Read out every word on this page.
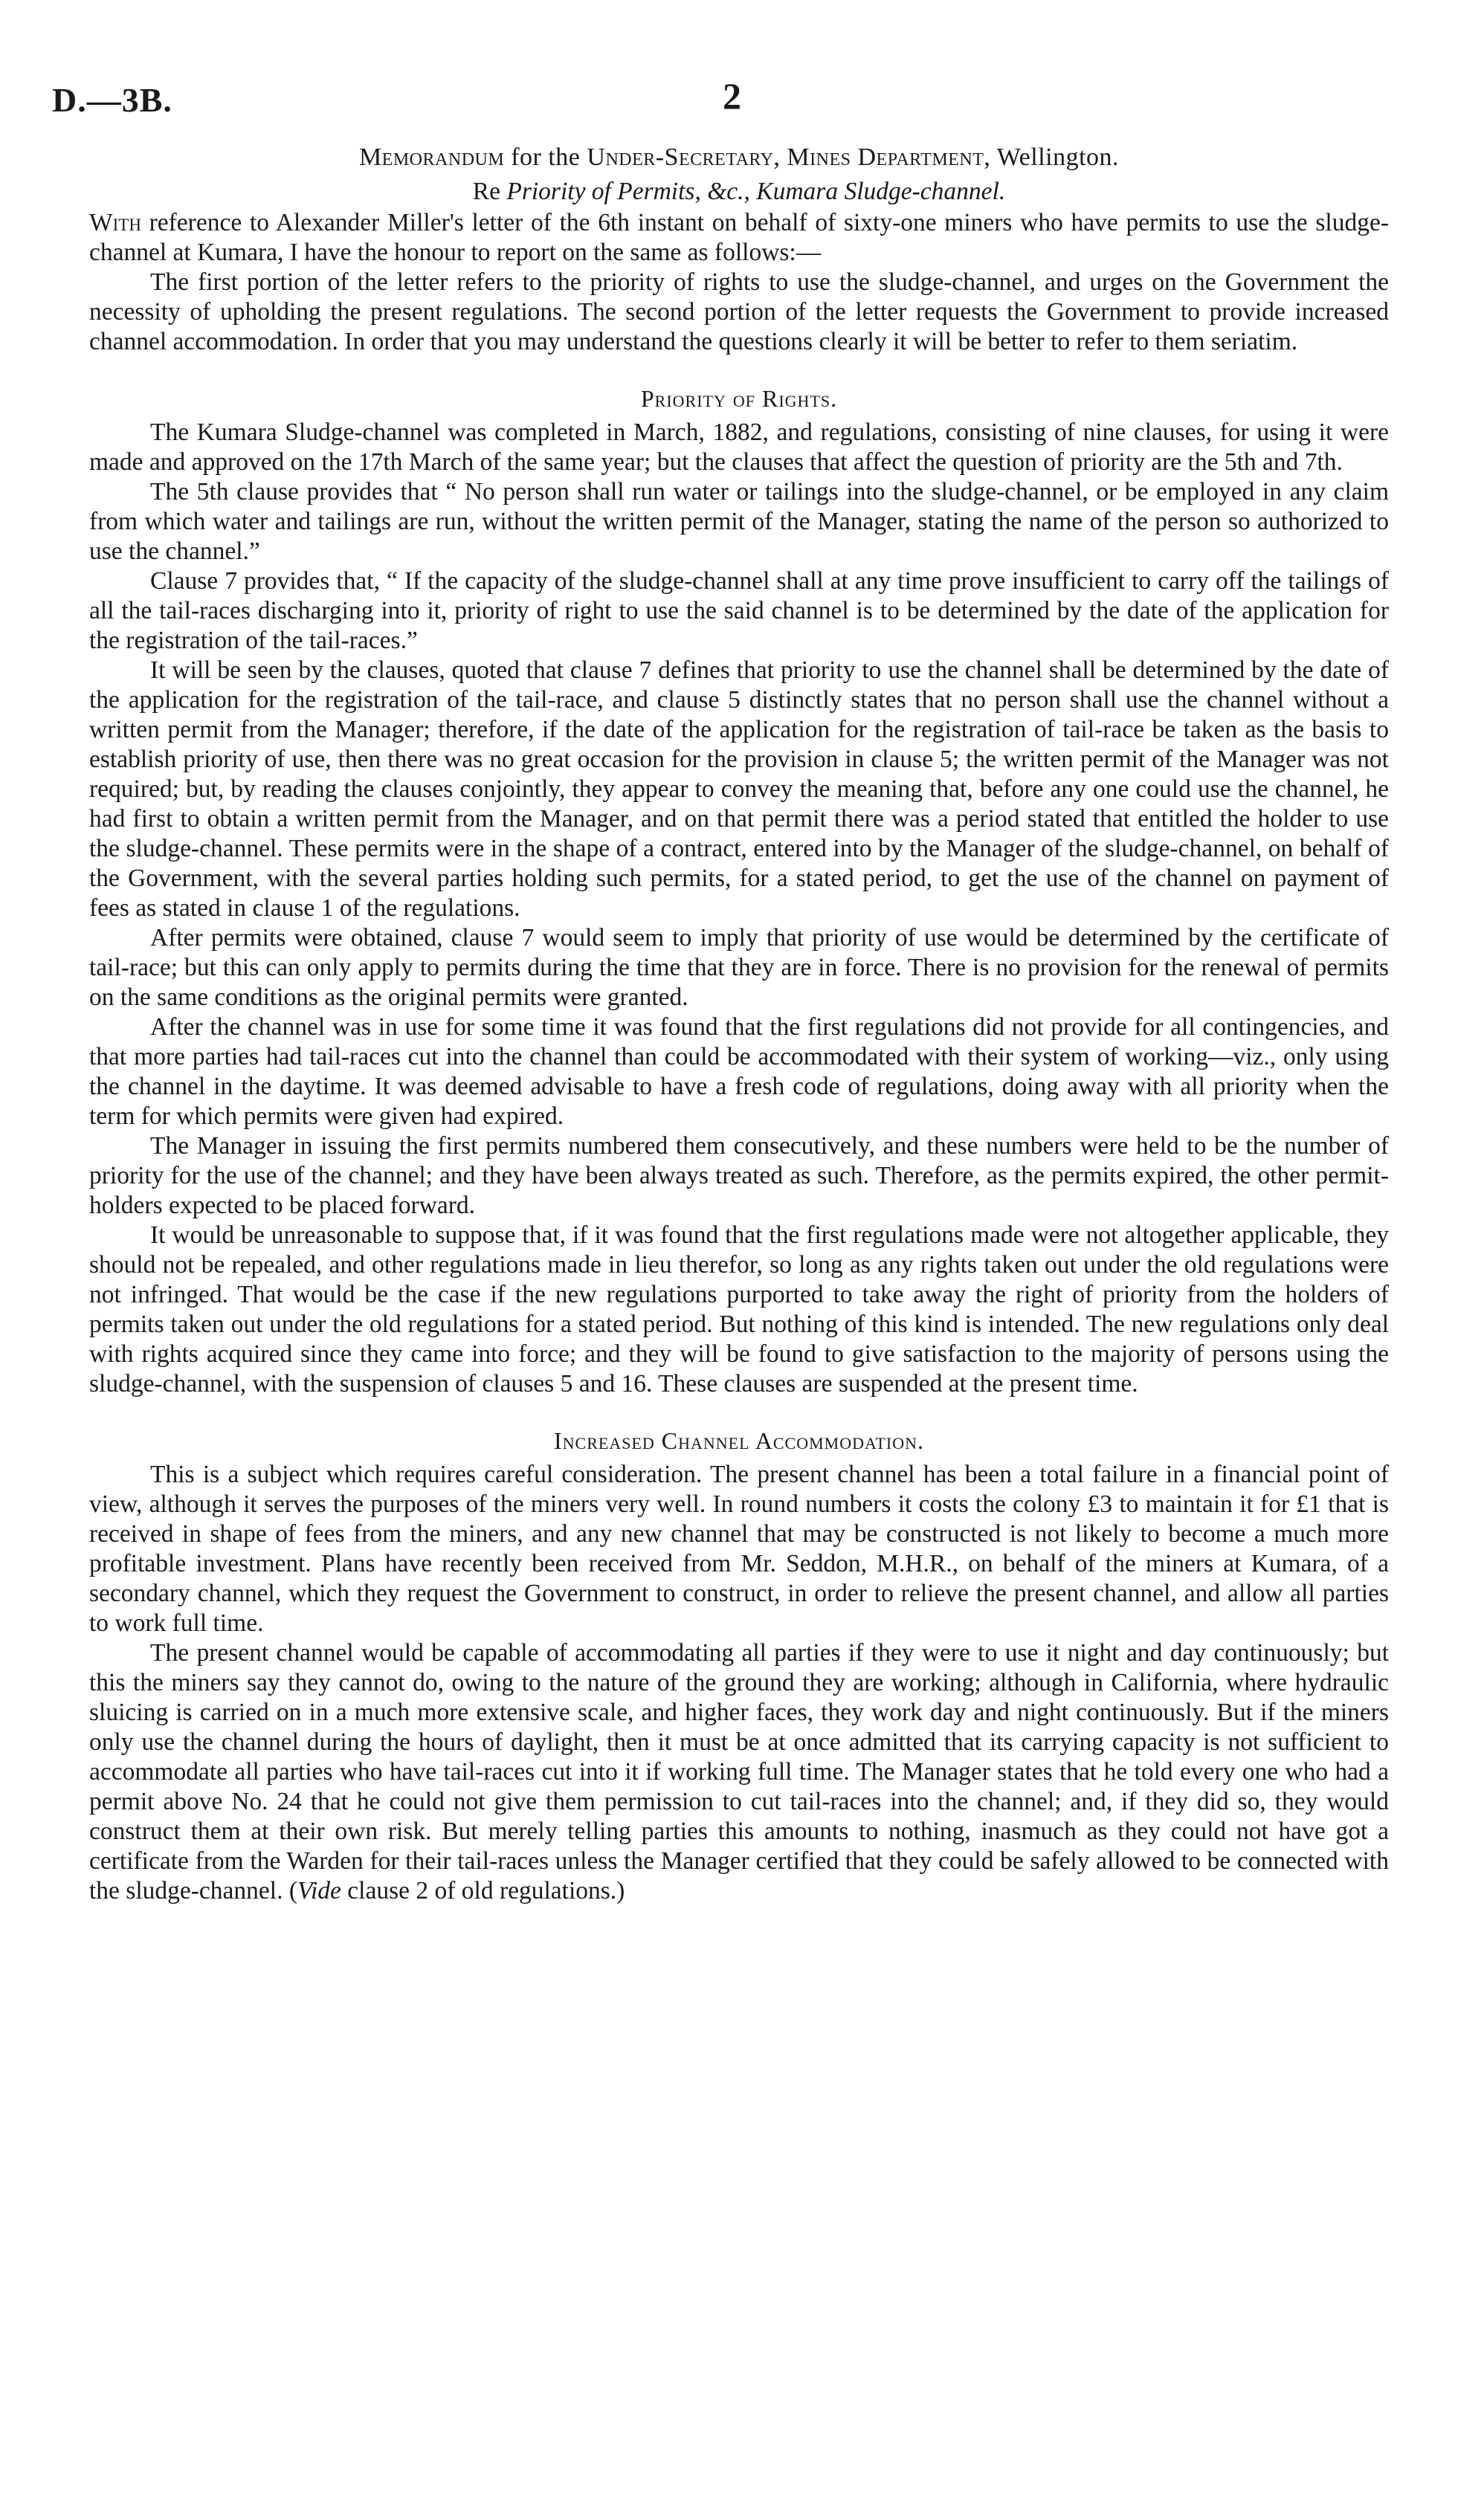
D.—3B.	2
Memorandum for the Under-Secretary, Mines Department, Wellington.
Re Priority of Permits, &c., Kumara Sludge-channel.

With reference to Alexander Miller's letter of the 6th instant on behalf of sixty-one miners who have permits to use the sludge-channel at Kumara, I have the honour to report on the same as follows:—

The first portion of the letter refers to the priority of rights to use the sludge-channel, and urges on the Government the necessity of upholding the present regulations. The second portion of the letter requests the Government to provide increased channel accommodation. In order that you may understand the questions clearly it will be better to refer to them seriatim.

Priority of Rights.

The Kumara Sludge-channel was completed in March, 1882, and regulations, consisting of nine clauses, for using it were made and approved on the 17th March of the same year; but the clauses that affect the question of priority are the 5th and 7th.

The 5th clause provides that “ No person shall run water or tailings into the sludge-channel, or be employed in any claim from which water and tailings are run, without the written permit of the Manager, stating the name of the person so authorized to use the channel.”

Clause 7 provides that, “ If the capacity of the sludge-channel shall at any time prove insufficient to carry off the tailings of all the tail-races discharging into it, priority of right to use the said channel is to be determined by the date of the application for the registration of the tail-races.”

It will be seen by the clauses, quoted that clause 7 defines that priority to use the channel shall be determined by the date of the application for the registration of the tail-race, and clause 5 distinctly states that no person shall use the channel without a written permit from the Manager; therefore, if the date of the application for the registration of tail-race be taken as the basis to establish priority of use, then there was no great occasion for the provision in clause 5; the written permit of the Manager was not required; but, by reading the clauses conjointly, they appear to convey the meaning that, before any one could use the channel, he had first to obtain a written permit from the Manager, and on that permit there was a period stated that entitled the holder to use the sludge-channel. These permits were in the shape of a contract, entered into by the Manager of the sludge-channel, on behalf of the Government, with the several parties holding such permits, for a stated period, to get the use of the channel on payment of fees as stated in clause 1 of the regulations.

After permits were obtained, clause 7 would seem to imply that priority of use would be determined by the certificate of tail-race; but this can only apply to permits during the time that they are in force. There is no provision for the renewal of permits on the same conditions as the original permits were granted.

After the channel was in use for some time it was found that the first regulations did not provide for all contingencies, and that more parties had tail-races cut into the channel than could be accommodated with their system of working—viz., only using the channel in the daytime. It was deemed advisable to have a fresh code of regulations, doing away with all priority when the term for which permits were given had expired.

The Manager in issuing the first permits numbered them consecutively, and these numbers were held to be the number of priority for the use of the channel; and they have been always treated as such. Therefore, as the permits expired, the other permit-holders expected to be placed forward.

It would be unreasonable to suppose that, if it was found that the first regulations made were not altogether applicable, they should not be repealed, and other regulations made in lieu therefor, so long as any rights taken out under the old regulations were not infringed. That would be the case if the new regulations purported to take away the right of priority from the holders of permits taken out under the old regulations for a stated period. But nothing of this kind is intended. The new regulations only deal with rights acquired since they came into force; and they will be found to give satisfaction to the majority of persons using the sludge-channel, with the suspension of clauses 5 and 16. These clauses are suspended at the present time.

Increased Channel Accommodation.

This is a subject which requires careful consideration. The present channel has been a total failure in a financial point of view, although it serves the purposes of the miners very well. In round numbers it costs the colony £3 to maintain it for £1 that is received in shape of fees from the miners, and any new channel that may be constructed is not likely to become a much more profitable investment. Plans have recently been received from Mr. Seddon, M.H.R., on behalf of the miners at Kumara, of a secondary channel, which they request the Government to construct, in order to relieve the present channel, and allow all parties to work full time.

The present channel would be capable of accommodating all parties if they were to use it night and day continuously; but this the miners say they cannot do, owing to the nature of the ground they are working; although in California, where hydraulic sluicing is carried on in a much more extensive scale, and higher faces, they work day and night continuously. But if the miners only use the channel during the hours of daylight, then it must be at once admitted that its carrying capacity is not sufficient to accommodate all parties who have tail-races cut into it if working full time. The Manager states that he told every one who had a permit above No. 24 that he could not give them permission to cut tail-races into the channel; and, if they did so, they would construct them at their own risk. But merely telling parties this amounts to nothing, inasmuch as they could not have got a certificate from the Warden for their tail-races unless the Manager certified that they could be safely allowed to be connected with the sludge-channel. (Vide clause 2 of old regulations.)
